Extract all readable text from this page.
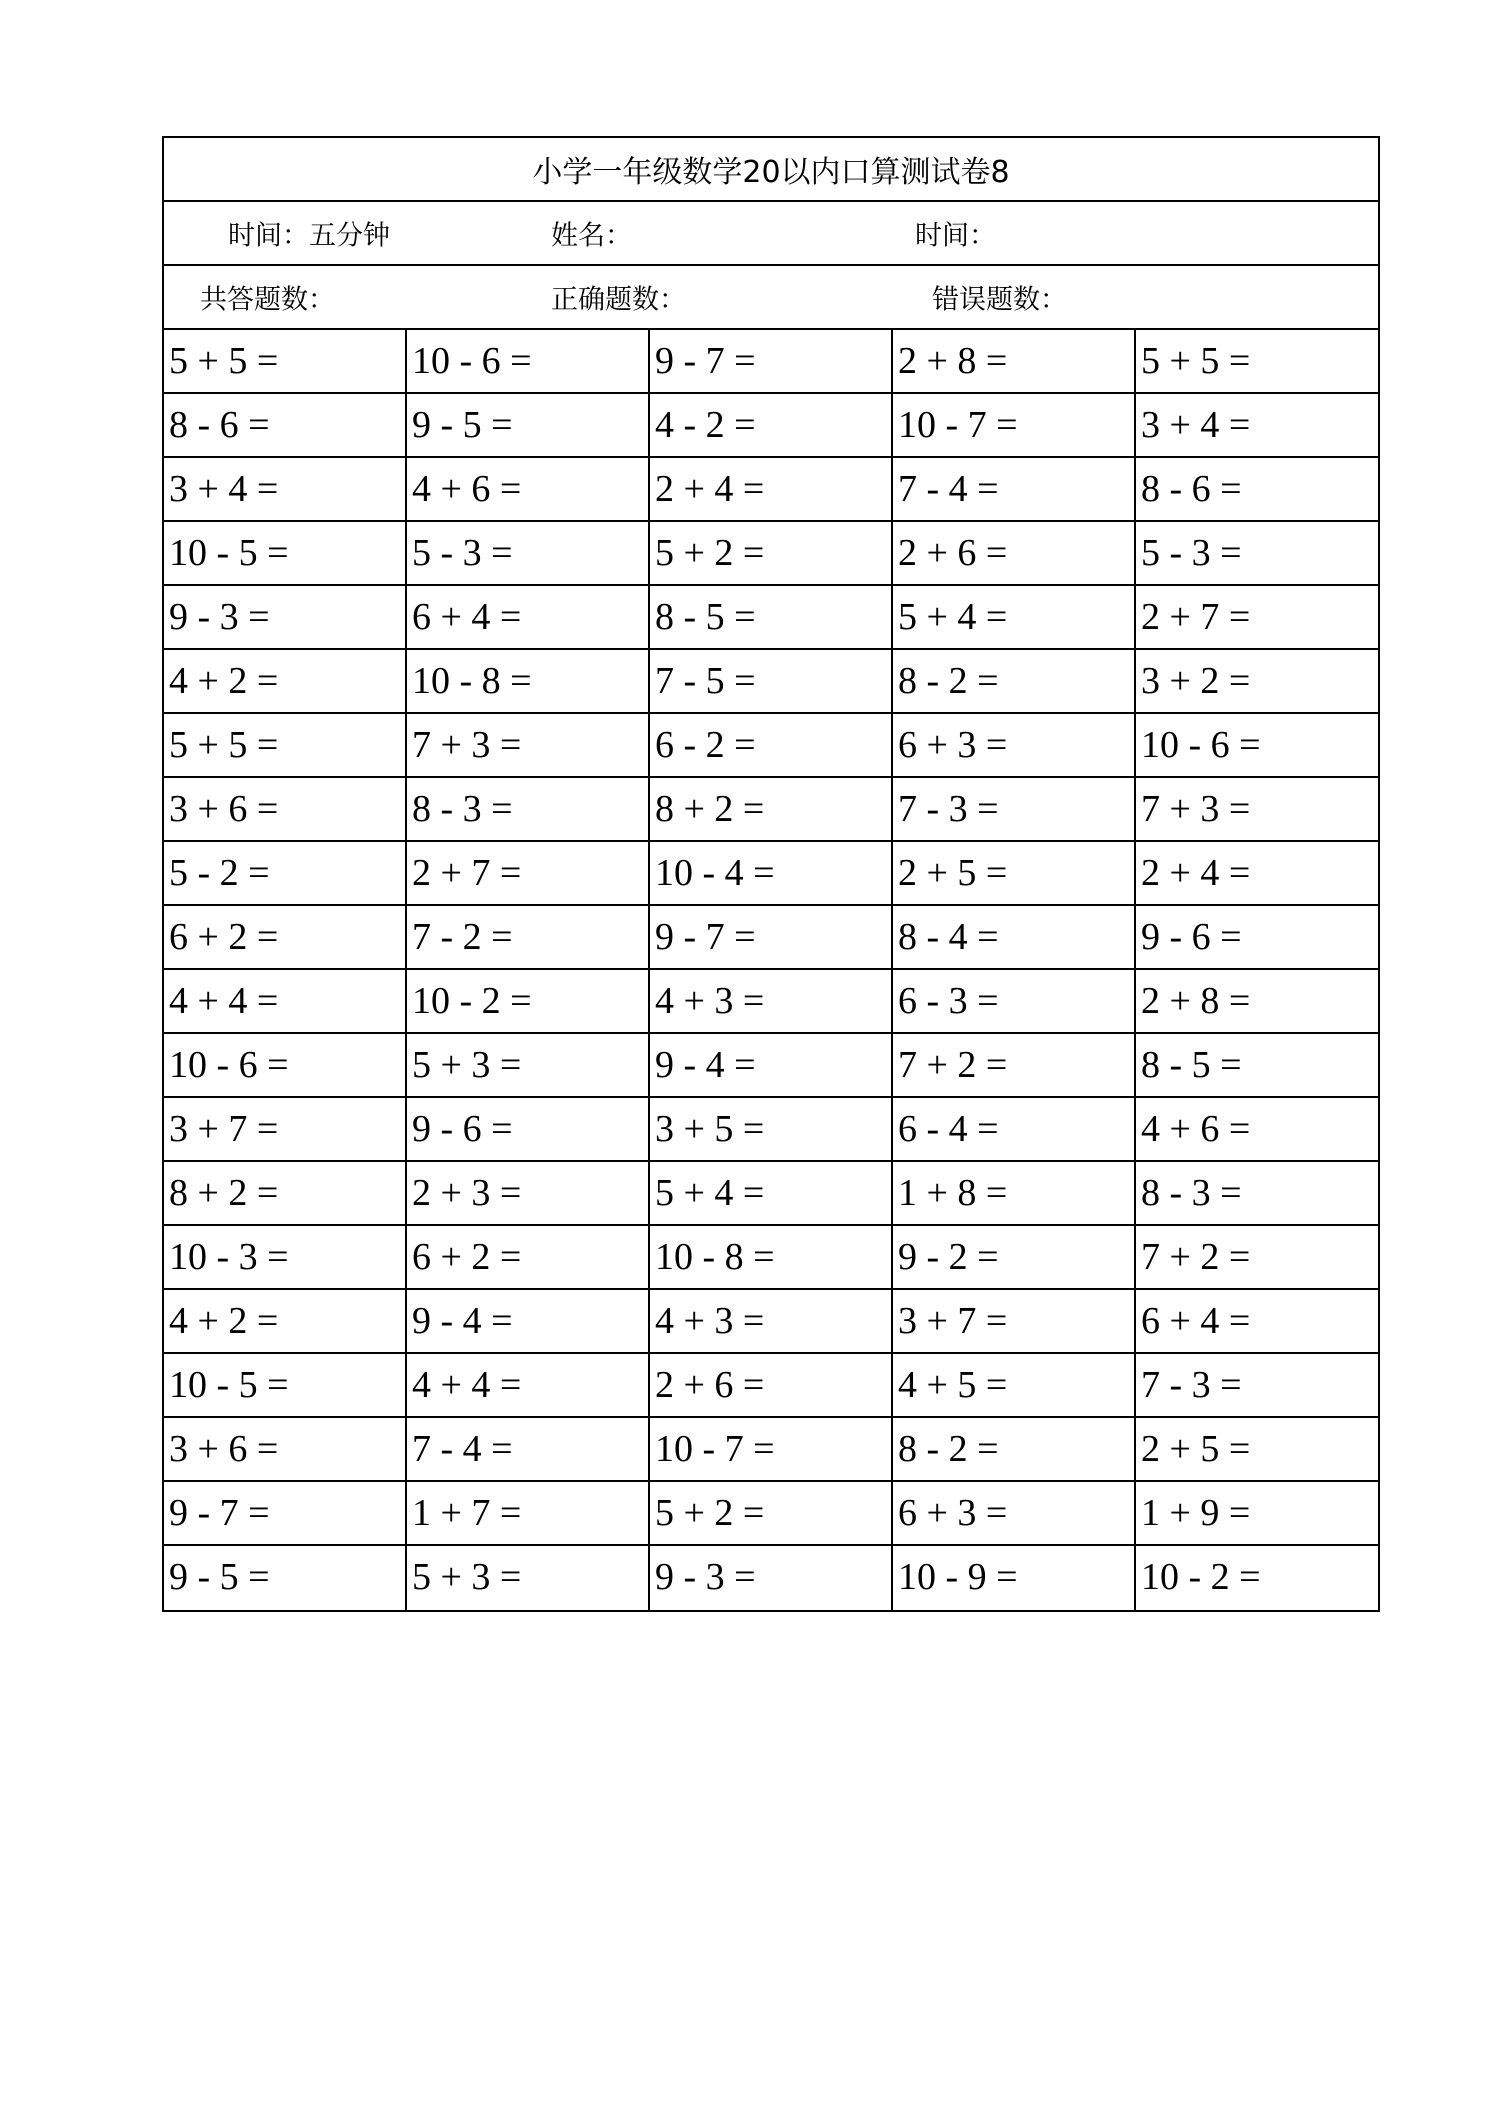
小学一年级数学20以内口算测试卷8
时间：五分钟	姓名：	时间：
共答题数：	正确题数：	错误题数：
5 + 5 =	10 - 6 =	9 - 7 =	2 + 8 =	5 + 5 =
8 - 6 =	9 - 5 =	4 - 2 =	10 - 7 =	3 + 4 =
3 + 4 =	4 + 6 =	2 + 4 =	7 - 4 =	8 - 6 =
10 - 5 =	5 - 3 =	5 + 2 =	2 + 6 =	5 - 3 =
9 - 3 =	6 + 4 =	8 - 5 =	5 + 4 =	2 + 7 =
4 + 2 =	10 - 8 =	7 - 5 =	8 - 2 =	3 + 2 =
5 + 5 =	7 + 3 =	6 - 2 =	6 + 3 =	10 - 6 =
3 + 6 =	8 - 3 =	8 + 2 =	7 - 3 =	7 + 3 =
5 - 2 =	2 + 7 =	10 - 4 =	2 + 5 =	2 + 4 =
6 + 2 =	7 - 2 =	9 - 7 =	8 - 4 =	9 - 6 =
4 + 4 =	10 - 2 =	4 + 3 =	6 - 3 =	2 + 8 =
10 - 6 =	5 + 3 =	9 - 4 =	7 + 2 =	8 - 5 =
3 + 7 =	9 - 6 =	3 + 5 =	6 - 4 =	4 + 6 =
8 + 2 =	2 + 3 =	5 + 4 =	1 + 8 =	8 - 3 =
10 - 3 =	6 + 2 =	10 - 8 =	9 - 2 =	7 + 2 =
4 + 2 =	9 - 4 =	4 + 3 =	3 + 7 =	6 + 4 =
10 - 5 =	4 + 4 =	2 + 6 =	4 + 5 =	7 - 3 =
3 + 6 =	7 - 4 =	10 - 7 =	8 - 2 =	2 + 5 =
9 - 7 =	1 + 7 =	5 + 2 =	6 + 3 =	1 + 9 =
9 - 5 =	5 + 3 =	9 - 3 =	10 - 9 =	10 - 2 =
